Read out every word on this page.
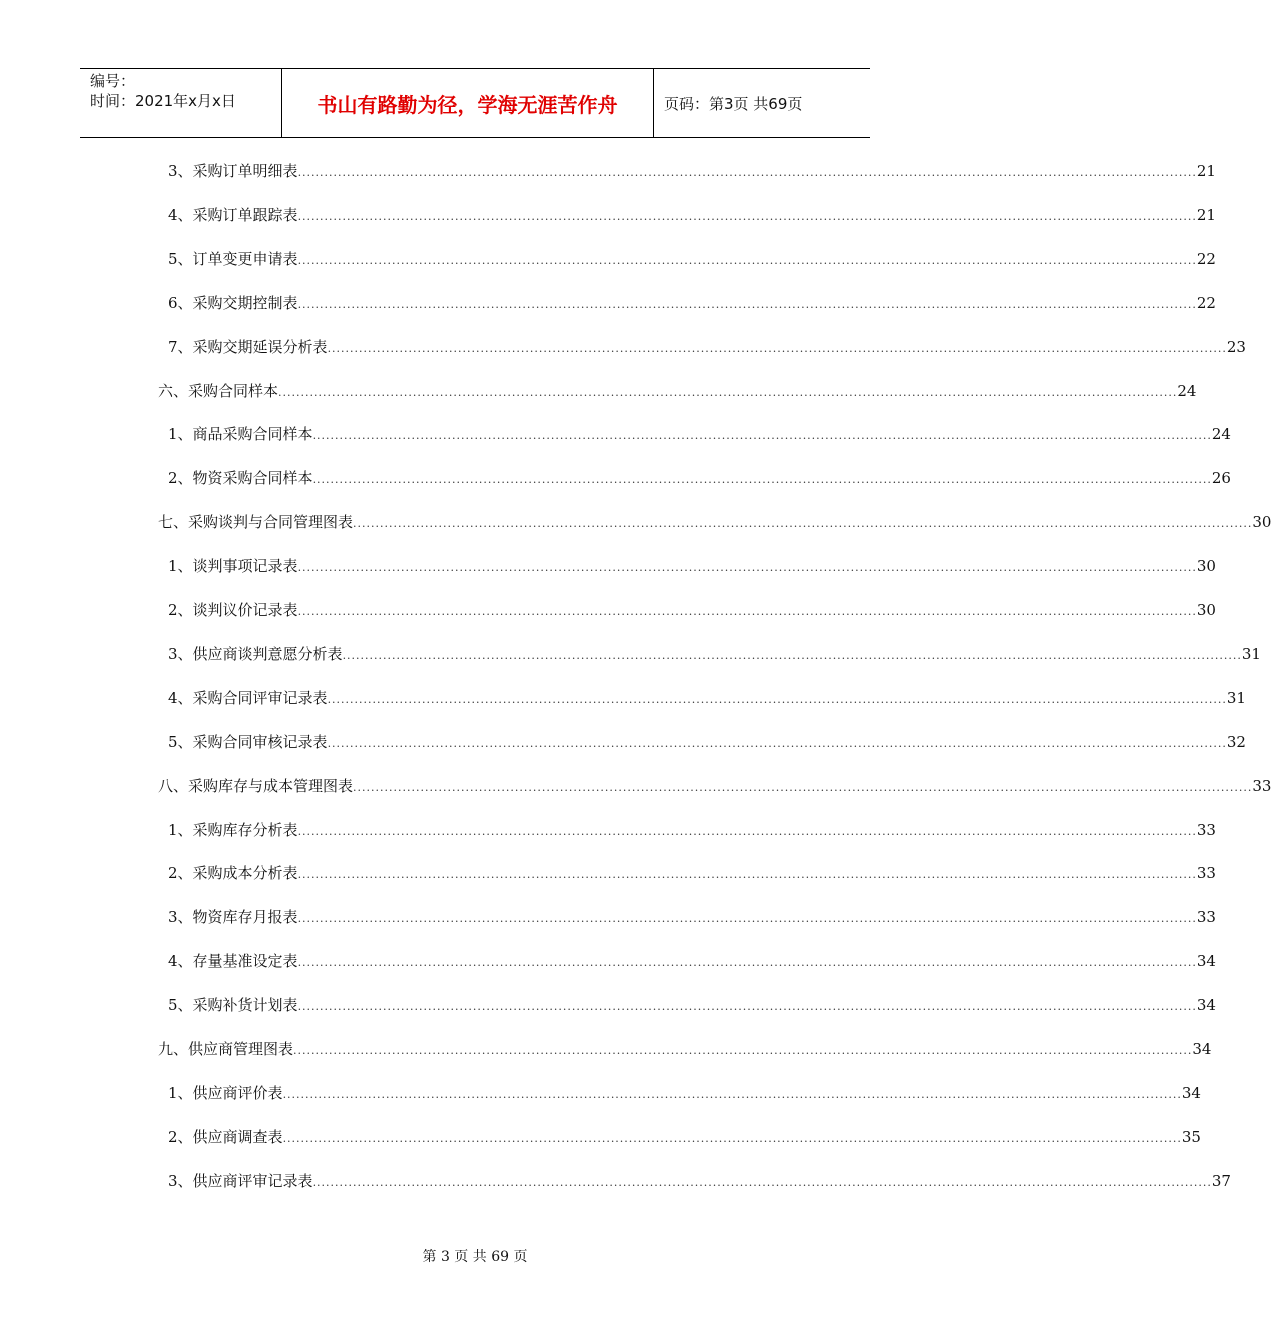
编号：
时间：2021年x月x日	书山有路勤为径，学海无涯苦作舟	页码：第3页 共69页
3、 采购订单明细表 ........................................................................................................................................................................................................ 21
4、 采购订单跟踪表 ........................................................................................................................................................................................................ 21
5、 订单变更申请表 ........................................................................................................................................................................................................ 22
6、 采购交期控制表 ........................................................................................................................................................................................................ 22
7、 采购交期延误分析表 ........................................................................................................................................................................................................ 23
六、 采购合同样本 ........................................................................................................................................................................................................ 24
1、 商品采购合同样本 ........................................................................................................................................................................................................ 24
2、 物资采购合同样本 ........................................................................................................................................................................................................ 26
七、 采购谈判与合同管理图表 ........................................................................................................................................................................................................ 30
1、 谈判事项记录表 ........................................................................................................................................................................................................ 30
2、 谈判议价记录表 ........................................................................................................................................................................................................ 30
3、 供应商谈判意愿分析表 ........................................................................................................................................................................................................ 31
4、 采购合同评审记录表 ........................................................................................................................................................................................................ 31
5、 采购合同审核记录表 ........................................................................................................................................................................................................ 32
八、 采购库存与成本管理图表 ........................................................................................................................................................................................................ 33
1、 采购库存分析表 ........................................................................................................................................................................................................ 33
2、 采购成本分析表 ........................................................................................................................................................................................................ 33
3、 物资库存月报表 ........................................................................................................................................................................................................ 33
4、 存量基准设定表 ........................................................................................................................................................................................................ 34
5、 采购补货计划表 ........................................................................................................................................................................................................ 34
九、 供应商管理图表 ........................................................................................................................................................................................................ 34
1、 供应商评价表 ........................................................................................................................................................................................................ 34
2、 供应商调查表 ........................................................................................................................................................................................................ 35
3、 供应商评审记录表 ........................................................................................................................................................................................................ 37
第 3 页 共 69 页
